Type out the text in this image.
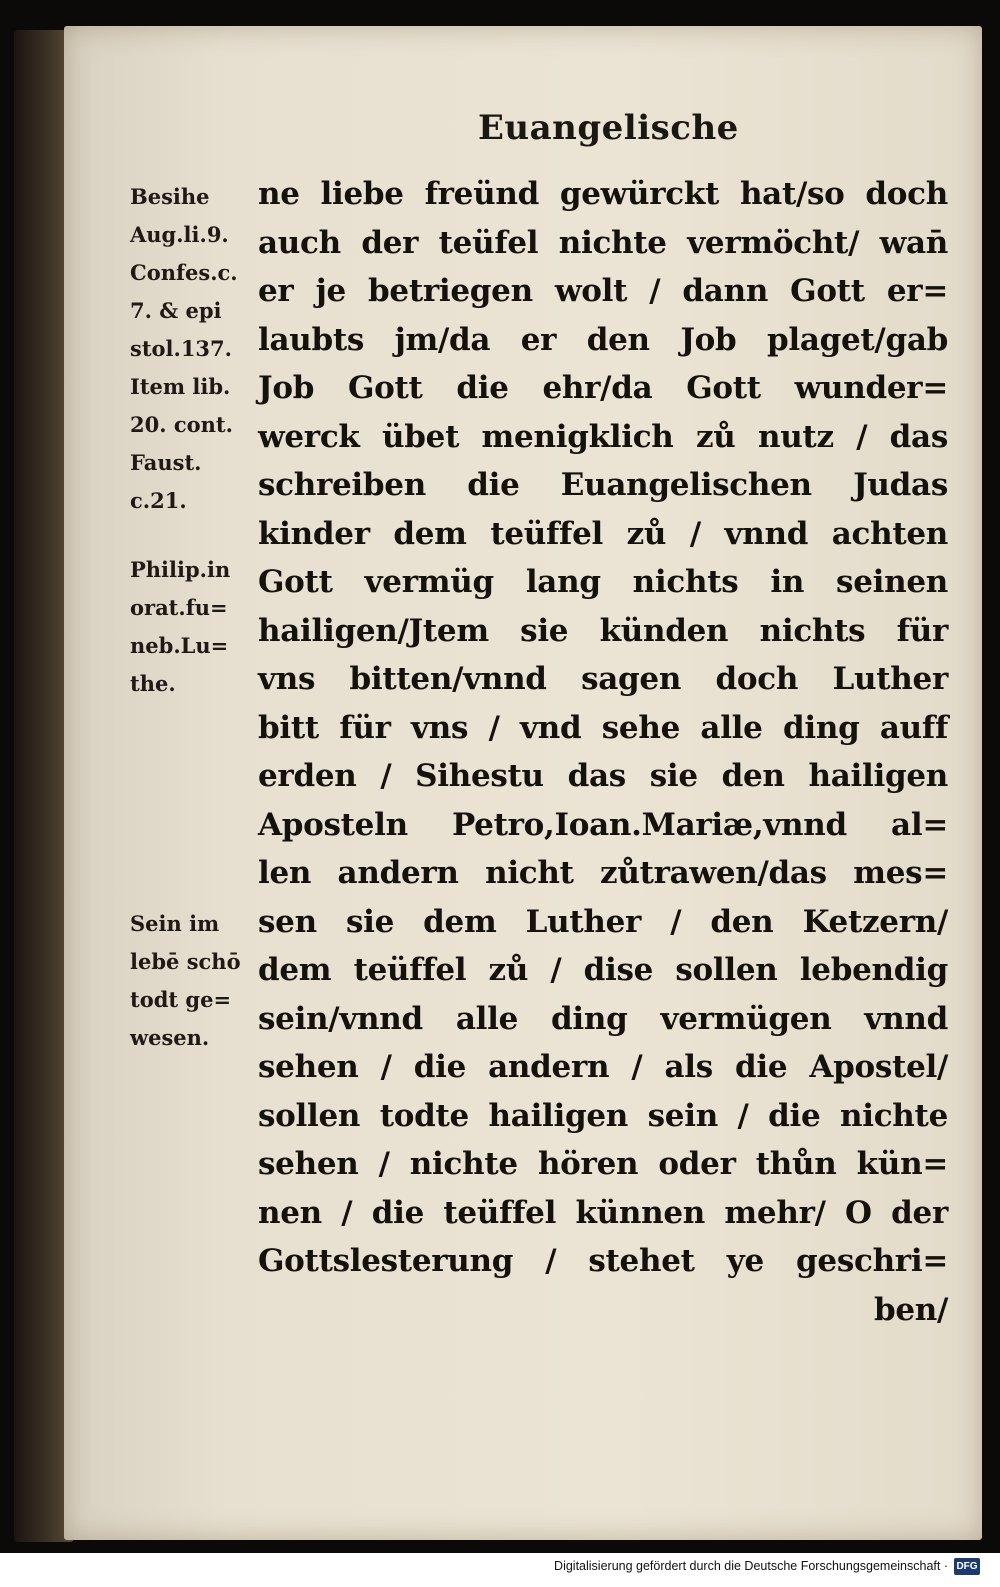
Euangelische
Besihe
Aug.li.9.
Confes.c.
7. & epi
stol.137.
Item lib.
20. cont.
Faust.
c.21.
Philip.in
orat.fu=
neb.Lu=
the.
Sein im
lebē schō
todt ge=
wesen.
ne liebe freünd gewürckt hat/so doch
auch der teüfel nichte vermöcht/ wan̄
er je betriegen wolt / dann Gott er=
laubts jm/da er den Job plaget/gab
Job Gott die ehr/da Gott wunder=
werck übet menigklich zů nutz / das
schreiben die Euangelischen Judas
kinder dem teüffel zů / vnnd achten
Gott vermüg lang nichts in seinen
hailigen/Jtem sie künden nichts für
vns bitten/vnnd sagen doch Luther
bitt für vns / vnd sehe alle ding auff
erden / Sihestu das sie den hailigen
Aposteln Petro,Ioan.Mariæ,vnnd al=
len andern nicht zůtrawen/das mes=
sen sie dem Luther / den Ketzern/
dem teüffel zů / dise sollen lebendig
sein/vnnd alle ding vermügen vnnd
sehen / die andern / als die Apostel/
sollen todte hailigen sein / die nichte
sehen / nichte hören oder thůn kün=
nen / die teüffel künnen mehr/ O der
Gottslesterung / stehet ye geschri=
ben/
Digitalisierung gefördert durch die Deutsche Forschungsgemeinschaft · DFG
